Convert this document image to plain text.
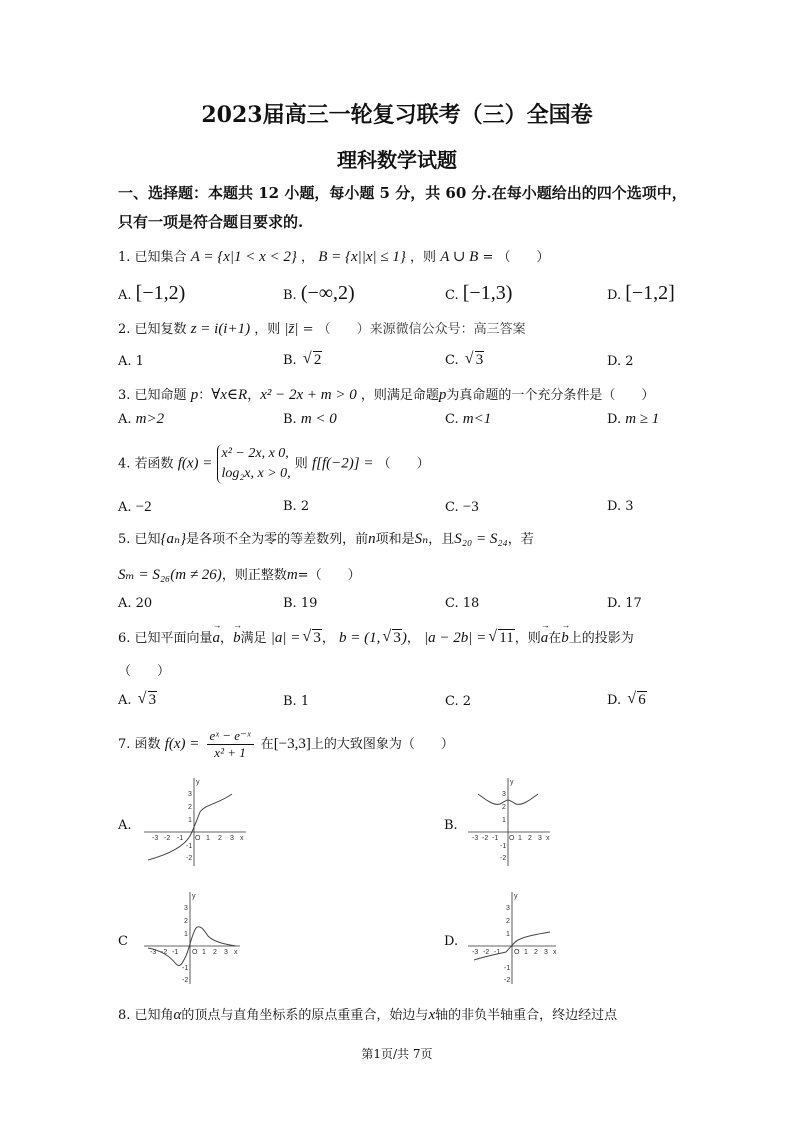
2023届高三一轮复习联考（三）全国卷
理科数学试题
一、选择题：本题共 12 小题，每小题 5 分，共 60 分.在每小题给出的四个选项中，
只有一项是符合题目要求的.
1. 已知集合 A = {x|1 < x < 2} ， B = {x||x| ≤ 1} ，则 A ∪ B = （　　）
A. [−1,2)	B. (−∞,2)	C. [−1,3)	D. [−1,2]
2. 已知复数 z = i(i+1) ，则 |z̄| = （　　）来源微信公众号：高三答案
A. 1	B. √ 2	C. √ 3	D. 2
3. 已知命题 p：∀x∈R，x² − 2x + m > 0 ，则满足命题p为真命题的一个充分条件是（　　）
A. m>2	B. m < 0	C. m<1	D. m ≥ 1
4. 若函数 f(x) =
x² − 2x, x 0,
log₂x, x > 0,
则 f[f(−2)] = （　　）
A. −2	B. 2	C. −3	D. 3
5. 已知{aₙ}是各项不全为零的等差数列，前n项和是Sₙ，且S₂₀ = S₂₄，若
Sₘ = S₂₆(m ≠ 26)，则正整数m=（　　）
A. 20	B. 19	C. 18	D. 17
6. 已知平面向量a →，b →满足 |a| = √ 3， b = (1, √ 3)， |a − 2b| = √ 11，则a →在b →上的投影为
（　　）
A. √ 3	B. 1	C. 2	D. √ 6
7. 函数 $f(x) = \frac{\text{eˣ − e⁻ˣ}}{\text{x² + 1}}$ 在[−3,3]上的大致图象为（　　）
A.	B.
C	D.
y
3
2
1
-1
-2
-3 -2 -1 O 1 2 3 x
y
3
2
1
-1
-2
-3 -2 -1 O 1 2 3 x
y
3
2
1
-1
-2
-3 -2 -1 O 1 2 3 x
y
3
2
1
-1
-2
-3 -2 -1 O 1 2 3 x
8. 已知角α的顶点与直角坐标系的原点重重合，始边与x轴的非负半轴重合，终边经过点
第1页/共 7页
